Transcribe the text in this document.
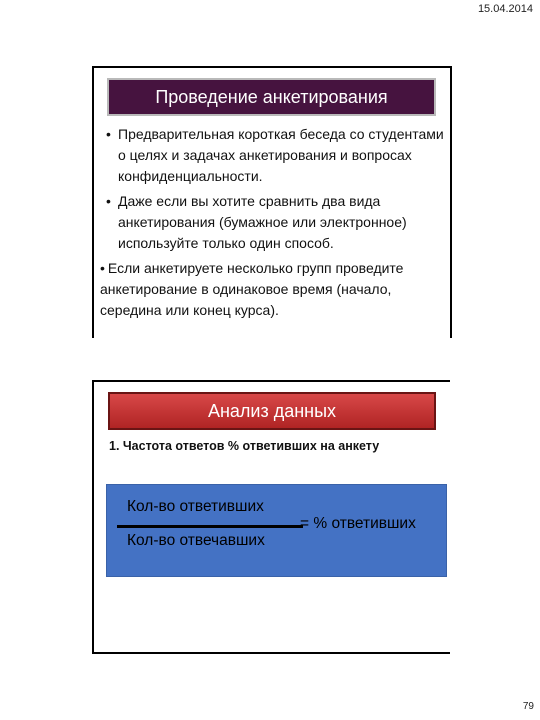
15.04.2014
Проведение анкетирования

• Предварительная короткая беседа со студентами о целях и задачах анкетирования и вопросах конфиденциальности.

• Даже если вы хотите сравнить два вида анкетирования (бумажное или электронное) используйте только один способ.

• Если анкетируете несколько групп проведите анкетирование в одинаковое время (начало, середина или конец курса).

Анализ данных
1. Частота ответов % ответивших на анкету
Кол-во ответивших
Кол-во отвечавших
= % ответивших
79
